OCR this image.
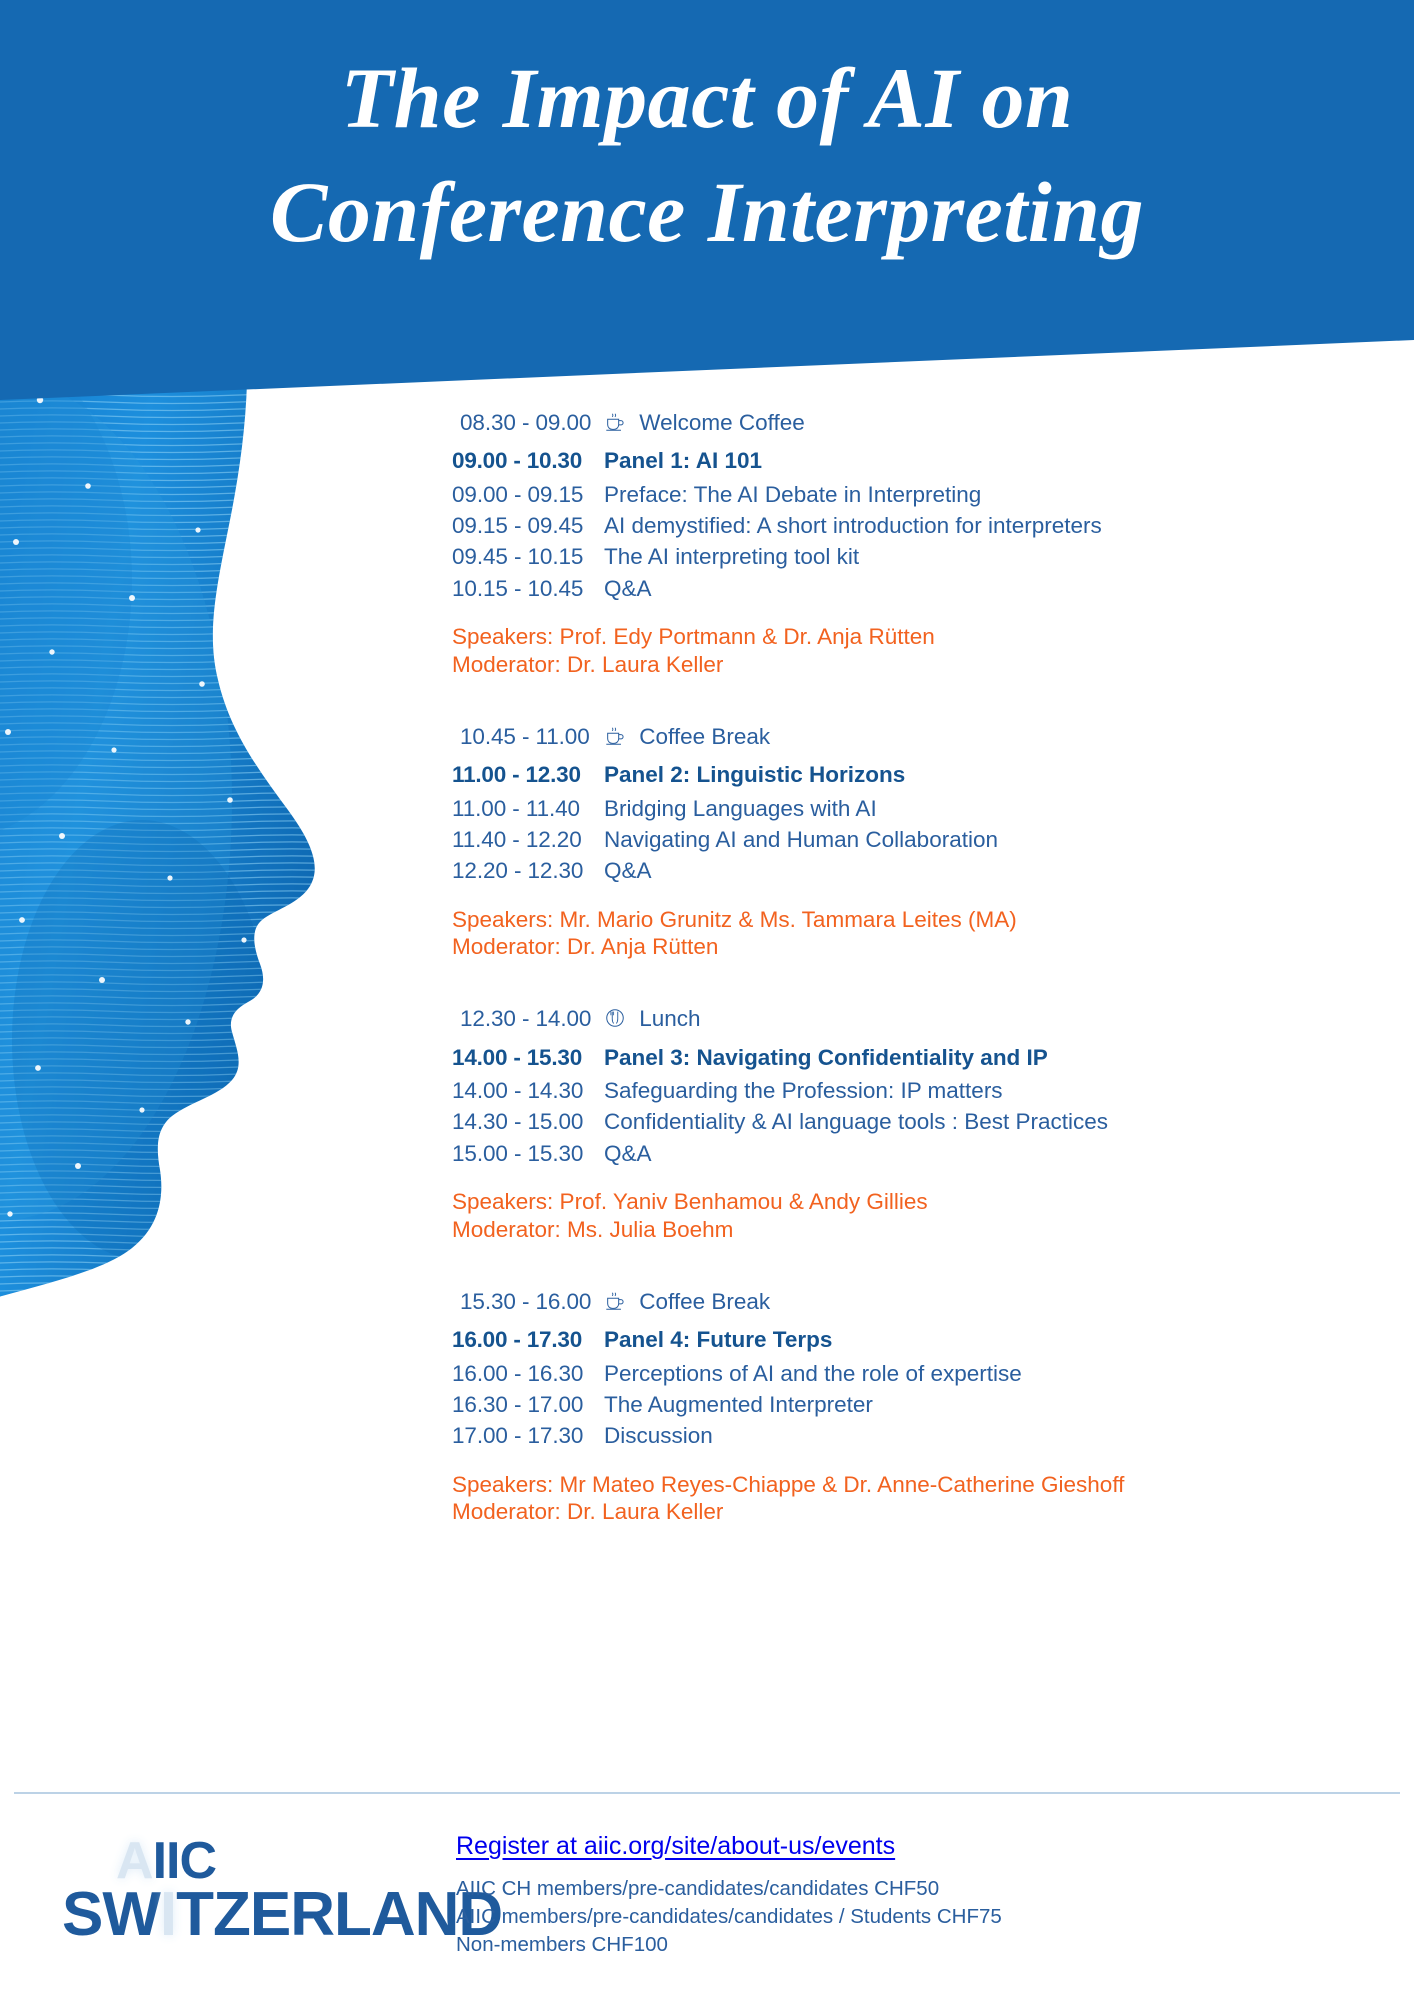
The Impact of AI on
Conference Interpreting
08.30 - 09.00	Welcome Coffee
09.00 - 10.30 Panel 1: AI 101
09.00 - 09.15 Preface: The AI Debate in Interpreting
09.15 - 09.45 AI demystified: A short introduction for interpreters
09.45 - 10.15 The AI interpreting tool kit
10.15 - 10.45 Q&A
Speakers: Prof. Edy Portmann & Dr. Anja Rütten
Moderator: Dr. Laura Keller
10.45 - 11.00	Coffee Break
11.00 - 12.30	Panel 2: Linguistic Horizons
11.00 - 11.40	Bridging Languages with AI
11.40 - 12.20 Navigating AI and Human Collaboration
12.20 - 12.30 Q&A
Speakers: Mr. Mario Grunitz & Ms. Tammara Leites (MA)
Moderator: Dr. Anja Rütten
12.30 - 14.00	Lunch
14.00 - 15.30 Panel 3: Navigating Confidentiality and IP
14.00 - 14.30 Safeguarding the Profession: IP matters
14.30 - 15.00 Confidentiality & AI language tools : Best Practices
15.00 - 15.30 Q&A
Speakers: Prof. Yaniv Benhamou & Andy Gillies
Moderator: Ms. Julia Boehm
15.30 - 16.00	Coffee Break
16.00 - 17.30 Panel 4: Future Terps
16.00 - 16.30 Perceptions of AI and the role of expertise
16.30 - 17.00 The Augmented Interpreter
17.00 - 17.30 Discussion
Speakers: Mr Mateo Reyes-Chiappe & Dr. Anne-Catherine Gieshoff
Moderator: Dr. Laura Keller
AIIC
SWITZERLAND
Register at aiic.org/site/about-us/events
AIIC CH members/pre-candidates/candidates CHF50
AIIC members/pre-candidates/candidates / Students CHF75
Non-members CHF100
